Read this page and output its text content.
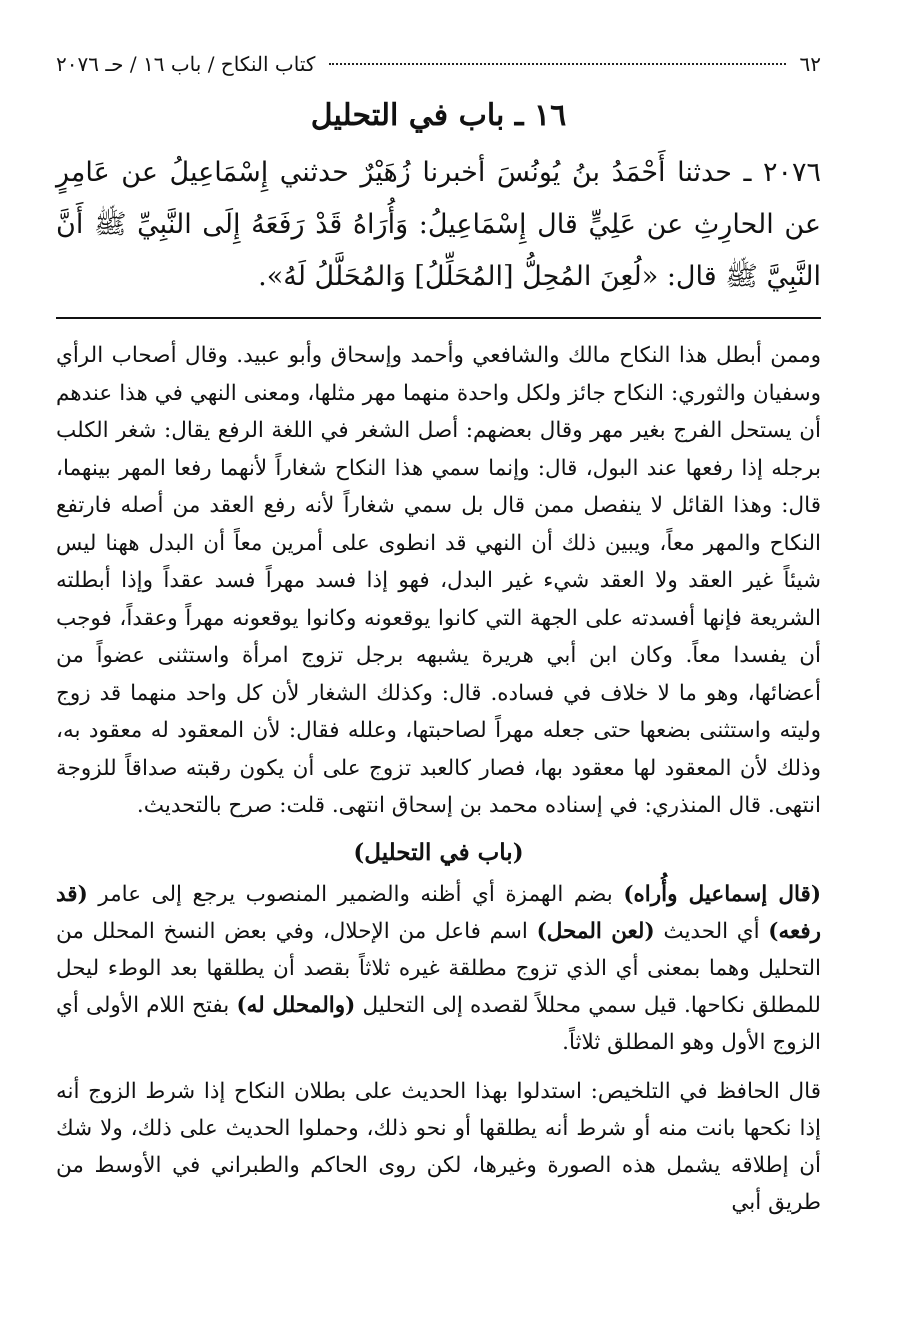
٦٢
كتاب النكاح / باب ١٦ / حـ ٢٠٧٦
١٦ ـ باب في التحليل

٢٠٧٦ ـ حدثنا أَحْمَدُ بنُ يُونُسَ أخبرنا زُهَيْرٌ حدثني إِسْمَاعِيلُ عن عَامِرٍ عن الحارِثِ عن عَلِيٍّ قال إِسْمَاعِيلُ: وَأُرَاهُ قَدْ رَفَعَهُ إِلَى النَّبِيِّ ﷺ أَنَّ النَّبِيَّ ﷺ قال: «لُعِنَ المُحِلُّ [المُحَلِّلُ] وَالمُحَلَّلُ لَهُ».

وممن أبطل هذا النكاح مالك والشافعي وأحمد وإسحاق وأبو عبيد. وقال أصحاب الرأي وسفيان والثوري: النكاح جائز ولكل واحدة منهما مهر مثلها، ومعنى النهي في هذا عندهم أن يستحل الفرج بغير مهر وقال بعضهم: أصل الشغر في اللغة الرفع يقال: شغر الكلب برجله إذا رفعها عند البول، قال: وإنما سمي هذا النكاح شغاراً لأنهما رفعا المهر بينهما، قال: وهذا القائل لا ينفصل ممن قال بل سمي شغاراً لأنه رفع العقد من أصله فارتفع النكاح والمهر معاً، ويبين ذلك أن النهي قد انطوى على أمرين معاً أن البدل ههنا ليس شيئاً غير العقد ولا العقد شيء غير البدل، فهو إذا فسد مهراً فسد عقداً وإذا أبطلته الشريعة فإنها أفسدته على الجهة التي كانوا يوقعونه وكانوا يوقعونه مهراً وعقداً، فوجب أن يفسدا معاً. وكان ابن أبي هريرة يشبهه برجل تزوج امرأة واستثنى عضواً من أعضائها، وهو ما لا خلاف في فساده. قال: وكذلك الشغار لأن كل واحد منهما قد زوج وليته واستثنى بضعها حتى جعله مهراً لصاحبتها، وعلله فقال: لأن المعقود له معقود به، وذلك لأن المعقود لها معقود بها، فصار كالعبد تزوج على أن يكون رقبته صداقاً للزوجة انتهى. قال المنذري: في إسناده محمد بن إسحاق انتهى. قلت: صرح بالتحديث.

(باب في التحليل)

(قال إسماعيل وأُراه) بضم الهمزة أي أظنه والضمير المنصوب يرجع إلى عامر (قد رفعه) أي الحديث (لعن المحل) اسم فاعل من الإحلال، وفي بعض النسخ المحلل من التحليل وهما بمعنى أي الذي تزوج مطلقة غيره ثلاثاً بقصد أن يطلقها بعد الوطء ليحل للمطلق نكاحها. قيل سمي محللاً لقصده إلى التحليل (والمحلل له) بفتح اللام الأولى أي الزوج الأول وهو المطلق ثلاثاً.

قال الحافظ في التلخيص: استدلوا بهذا الحديث على بطلان النكاح إذا شرط الزوج أنه إذا نكحها بانت منه أو شرط أنه يطلقها أو نحو ذلك، وحملوا الحديث على ذلك، ولا شك أن إطلاقه يشمل هذه الصورة وغيرها، لكن روى الحاكم والطبراني في الأوسط من طريق أبي
